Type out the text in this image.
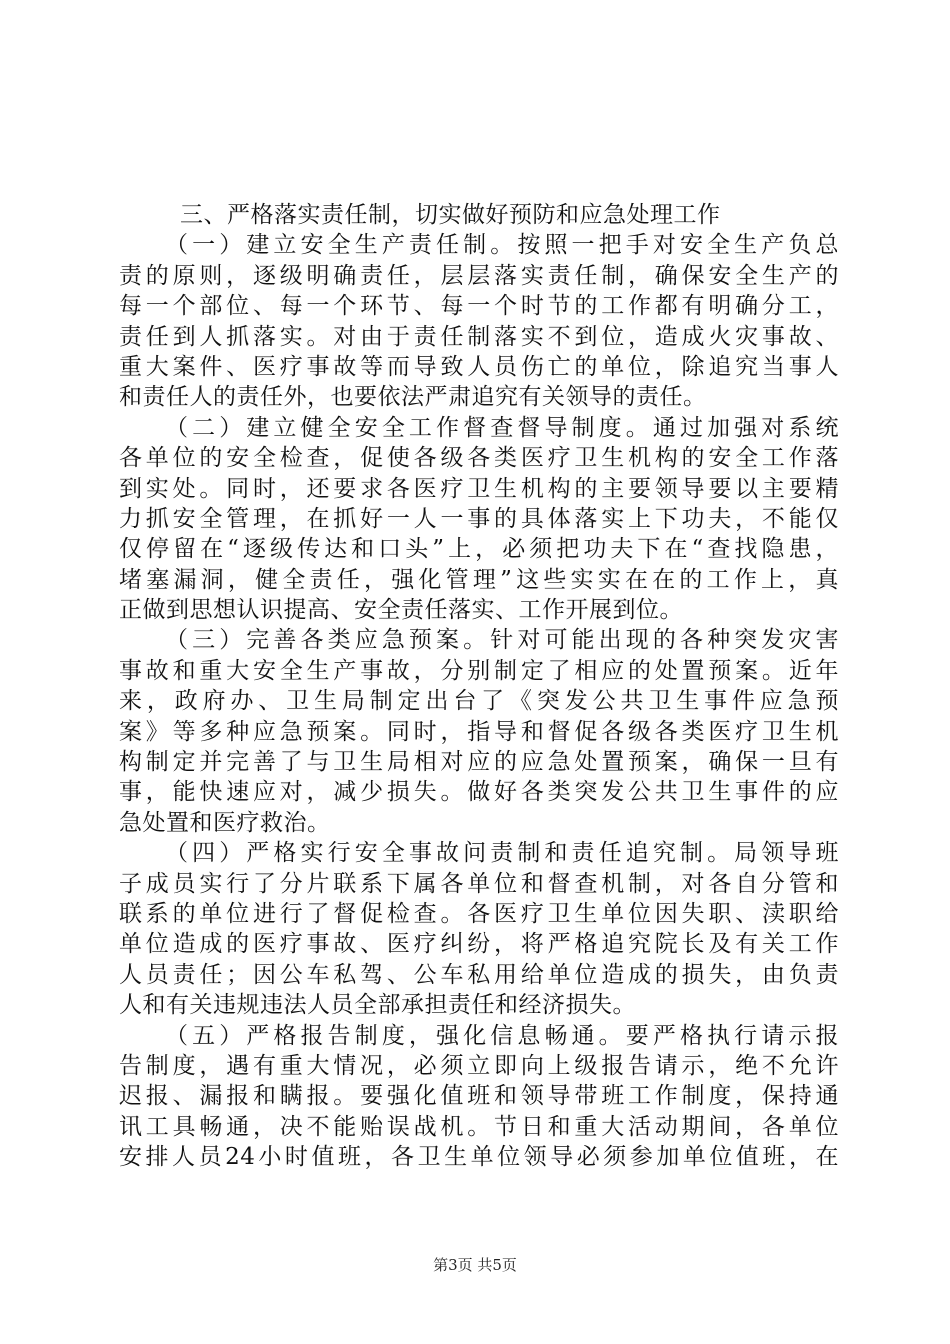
三、严格落实责任制，切实做好预防和应急处理工作
（一）建立安全生产责任制。按照一把手对安全生产负总
责的原则，逐级明确责任，层层落实责任制，确保安全生产的
每一个部位、每一个环节、每一个时节的工作都有明确分工，
责任到人抓落实。对由于责任制落实不到位，造成火灾事故、
重大案件、医疗事故等而导致人员伤亡的单位，除追究当事人
和责任人的责任外，也要依法严肃追究有关领导的责任。
（二）建立健全安全工作督查督导制度。通过加强对系统
各单位的安全检查，促使各级各类医疗卫生机构的安全工作落
到实处。同时，还要求各医疗卫生机构的主要领导要以主要精
力抓安全管理，在抓好一人一事的具体落实上下功夫，不能仅
仅停留在“逐级传达和口头”上，必须把功夫下在“查找隐患，
堵塞漏洞，健全责任，强化管理”这些实实在在的工作上，真
正做到思想认识提高、安全责任落实、工作开展到位。
（三）完善各类应急预案。针对可能出现的各种突发灾害
事故和重大安全生产事故，分别制定了相应的处置预案。近年
来，政府办、卫生局制定出台了《突发公共卫生事件应急预
案》等多种应急预案。同时，指导和督促各级各类医疗卫生机
构制定并完善了与卫生局相对应的应急处置预案，确保一旦有
事，能快速应对，减少损失。做好各类突发公共卫生事件的应
急处置和医疗救治。
（四）严格实行安全事故问责制和责任追究制。局领导班
子成员实行了分片联系下属各单位和督查机制，对各自分管和
联系的单位进行了督促检查。各医疗卫生单位因失职、渎职给
单位造成的医疗事故、医疗纠纷，将严格追究院长及有关工作
人员责任；因公车私驾、公车私用给单位造成的损失，由负责
人和有关违规违法人员全部承担责任和经济损失。
（五）严格报告制度，强化信息畅通。要严格执行请示报
告制度，遇有重大情况，必须立即向上级报告请示，绝不允许
迟报、漏报和瞒报。要强化值班和领导带班工作制度，保持通
讯工具畅通，决不能贻误战机。节日和重大活动期间，各单位
安排人员24小时值班，各卫生单位领导必须参加单位值班，在
第3页 共5页
